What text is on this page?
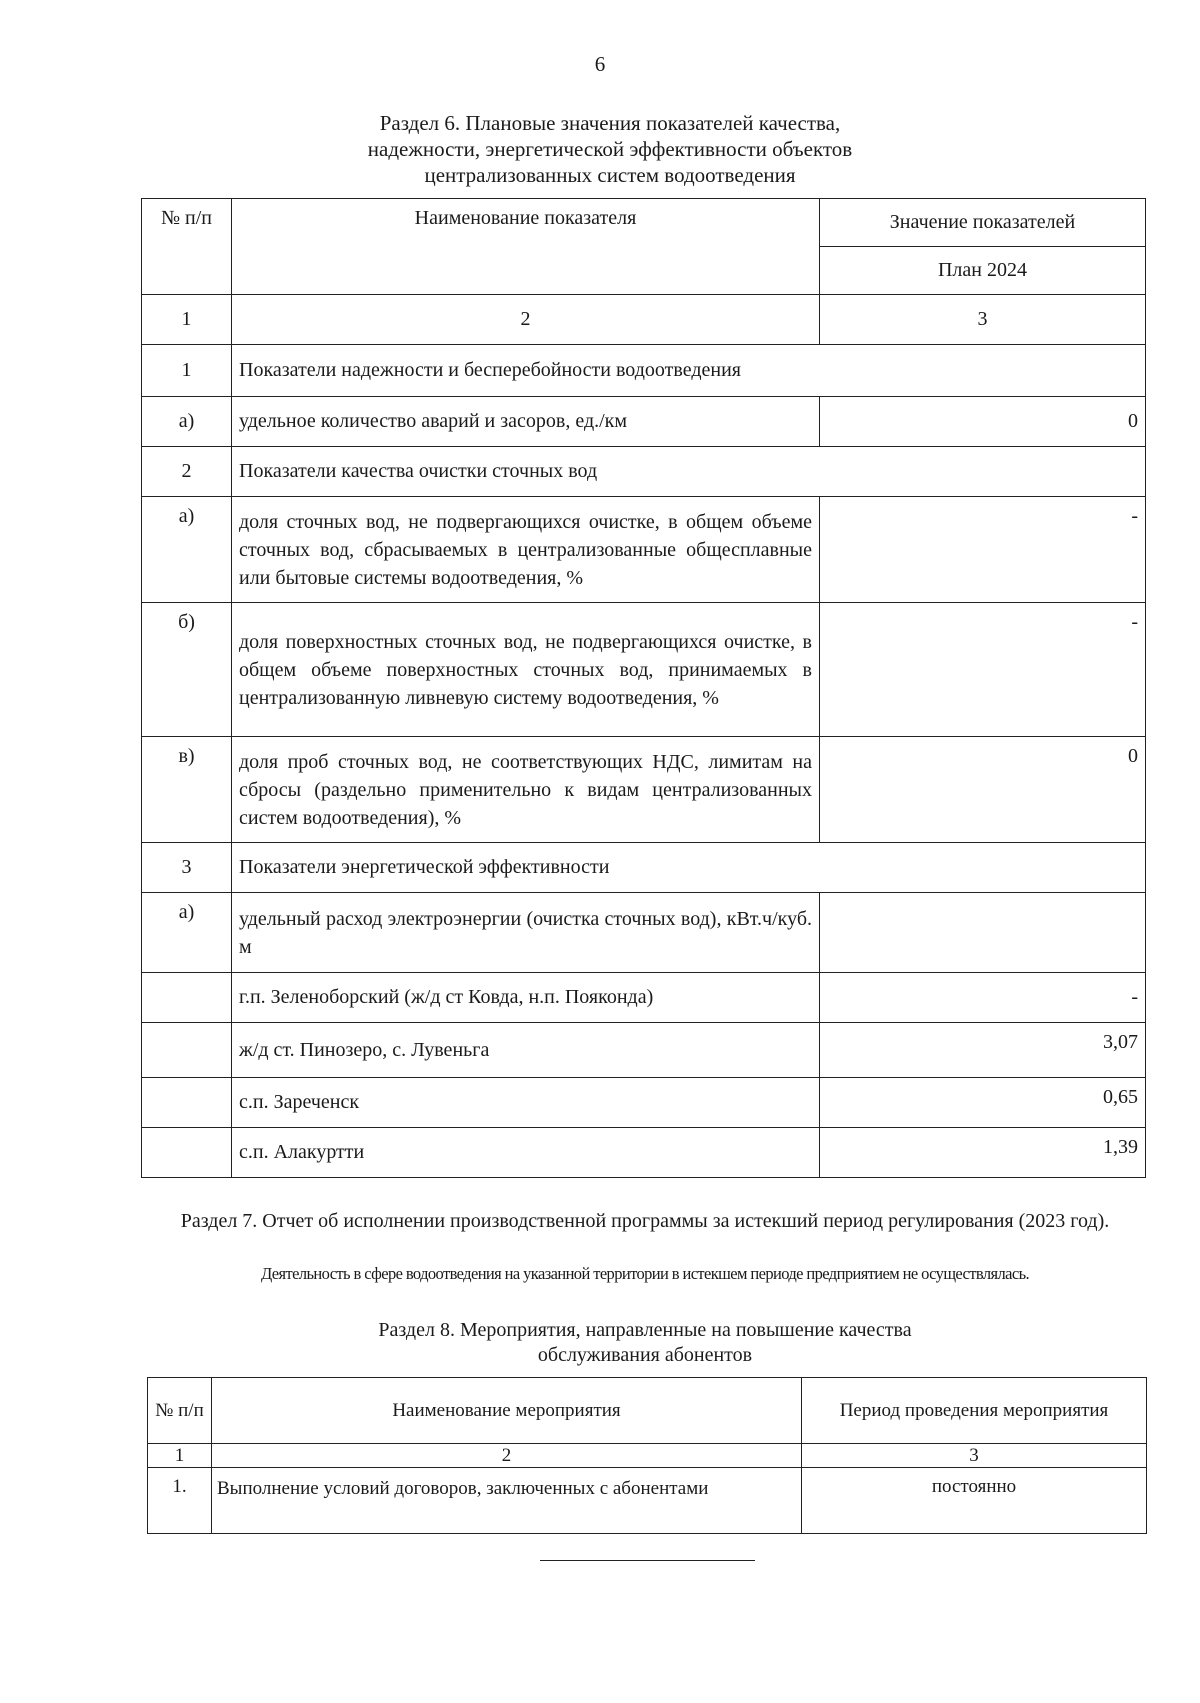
6
Раздел 6. Плановые значения показателей качества,
надежности, энергетической эффективности объектов
централизованных систем водоотведения
№ п/п	Наименование показателя	Значение показателей
		План 2024
1	2	3
1	Показатели надежности и бесперебойности водоотведения	
а)	удельное количество аварий и засоров, ед./км	0
2	Показатели качества очистки сточных вод	
а)	доля сточных вод, не подвергающихся очистке, в общем объеме сточных вод, сбрасываемых в централизованные общесплавные или бытовые системы водоотведения, %	-
б)	доля поверхностных сточных вод, не подвергающихся очистке, в общем объеме поверхностных сточных вод, принимаемых в централизованную ливневую систему водоотведения, %	-
в)	доля проб сточных вод, не соответствующих НДС, лимитам на сбросы (раздельно применительно к видам централизованных систем водоотведения), %	0
3	Показатели энергетической эффективности	
а)	удельный расход электроэнергии (очистка сточных вод), кВт.ч/куб. м	
	г.п. Зеленоборский (ж/д ст Ковда, н.п. Пояконда)	-
	ж/д ст. Пинозеро, с. Лувеньга	3,07
	с.п. Зареченск	0,65
	с.п. Алакуртти	1,39
Раздел 7. Отчет об исполнении производственной программы за истекший период регулирования (2023 год).
Деятельность в сфере водоотведения на указанной территории в истекшем периоде предприятием не осуществлялась.
Раздел 8. Мероприятия, направленные на повышение качества
обслуживания абонентов
№ п/п	Наименование мероприятия	Период проведения мероприятия
1	2	3
1.	Выполнение условий договоров, заключенных с абонентами	постоянно
